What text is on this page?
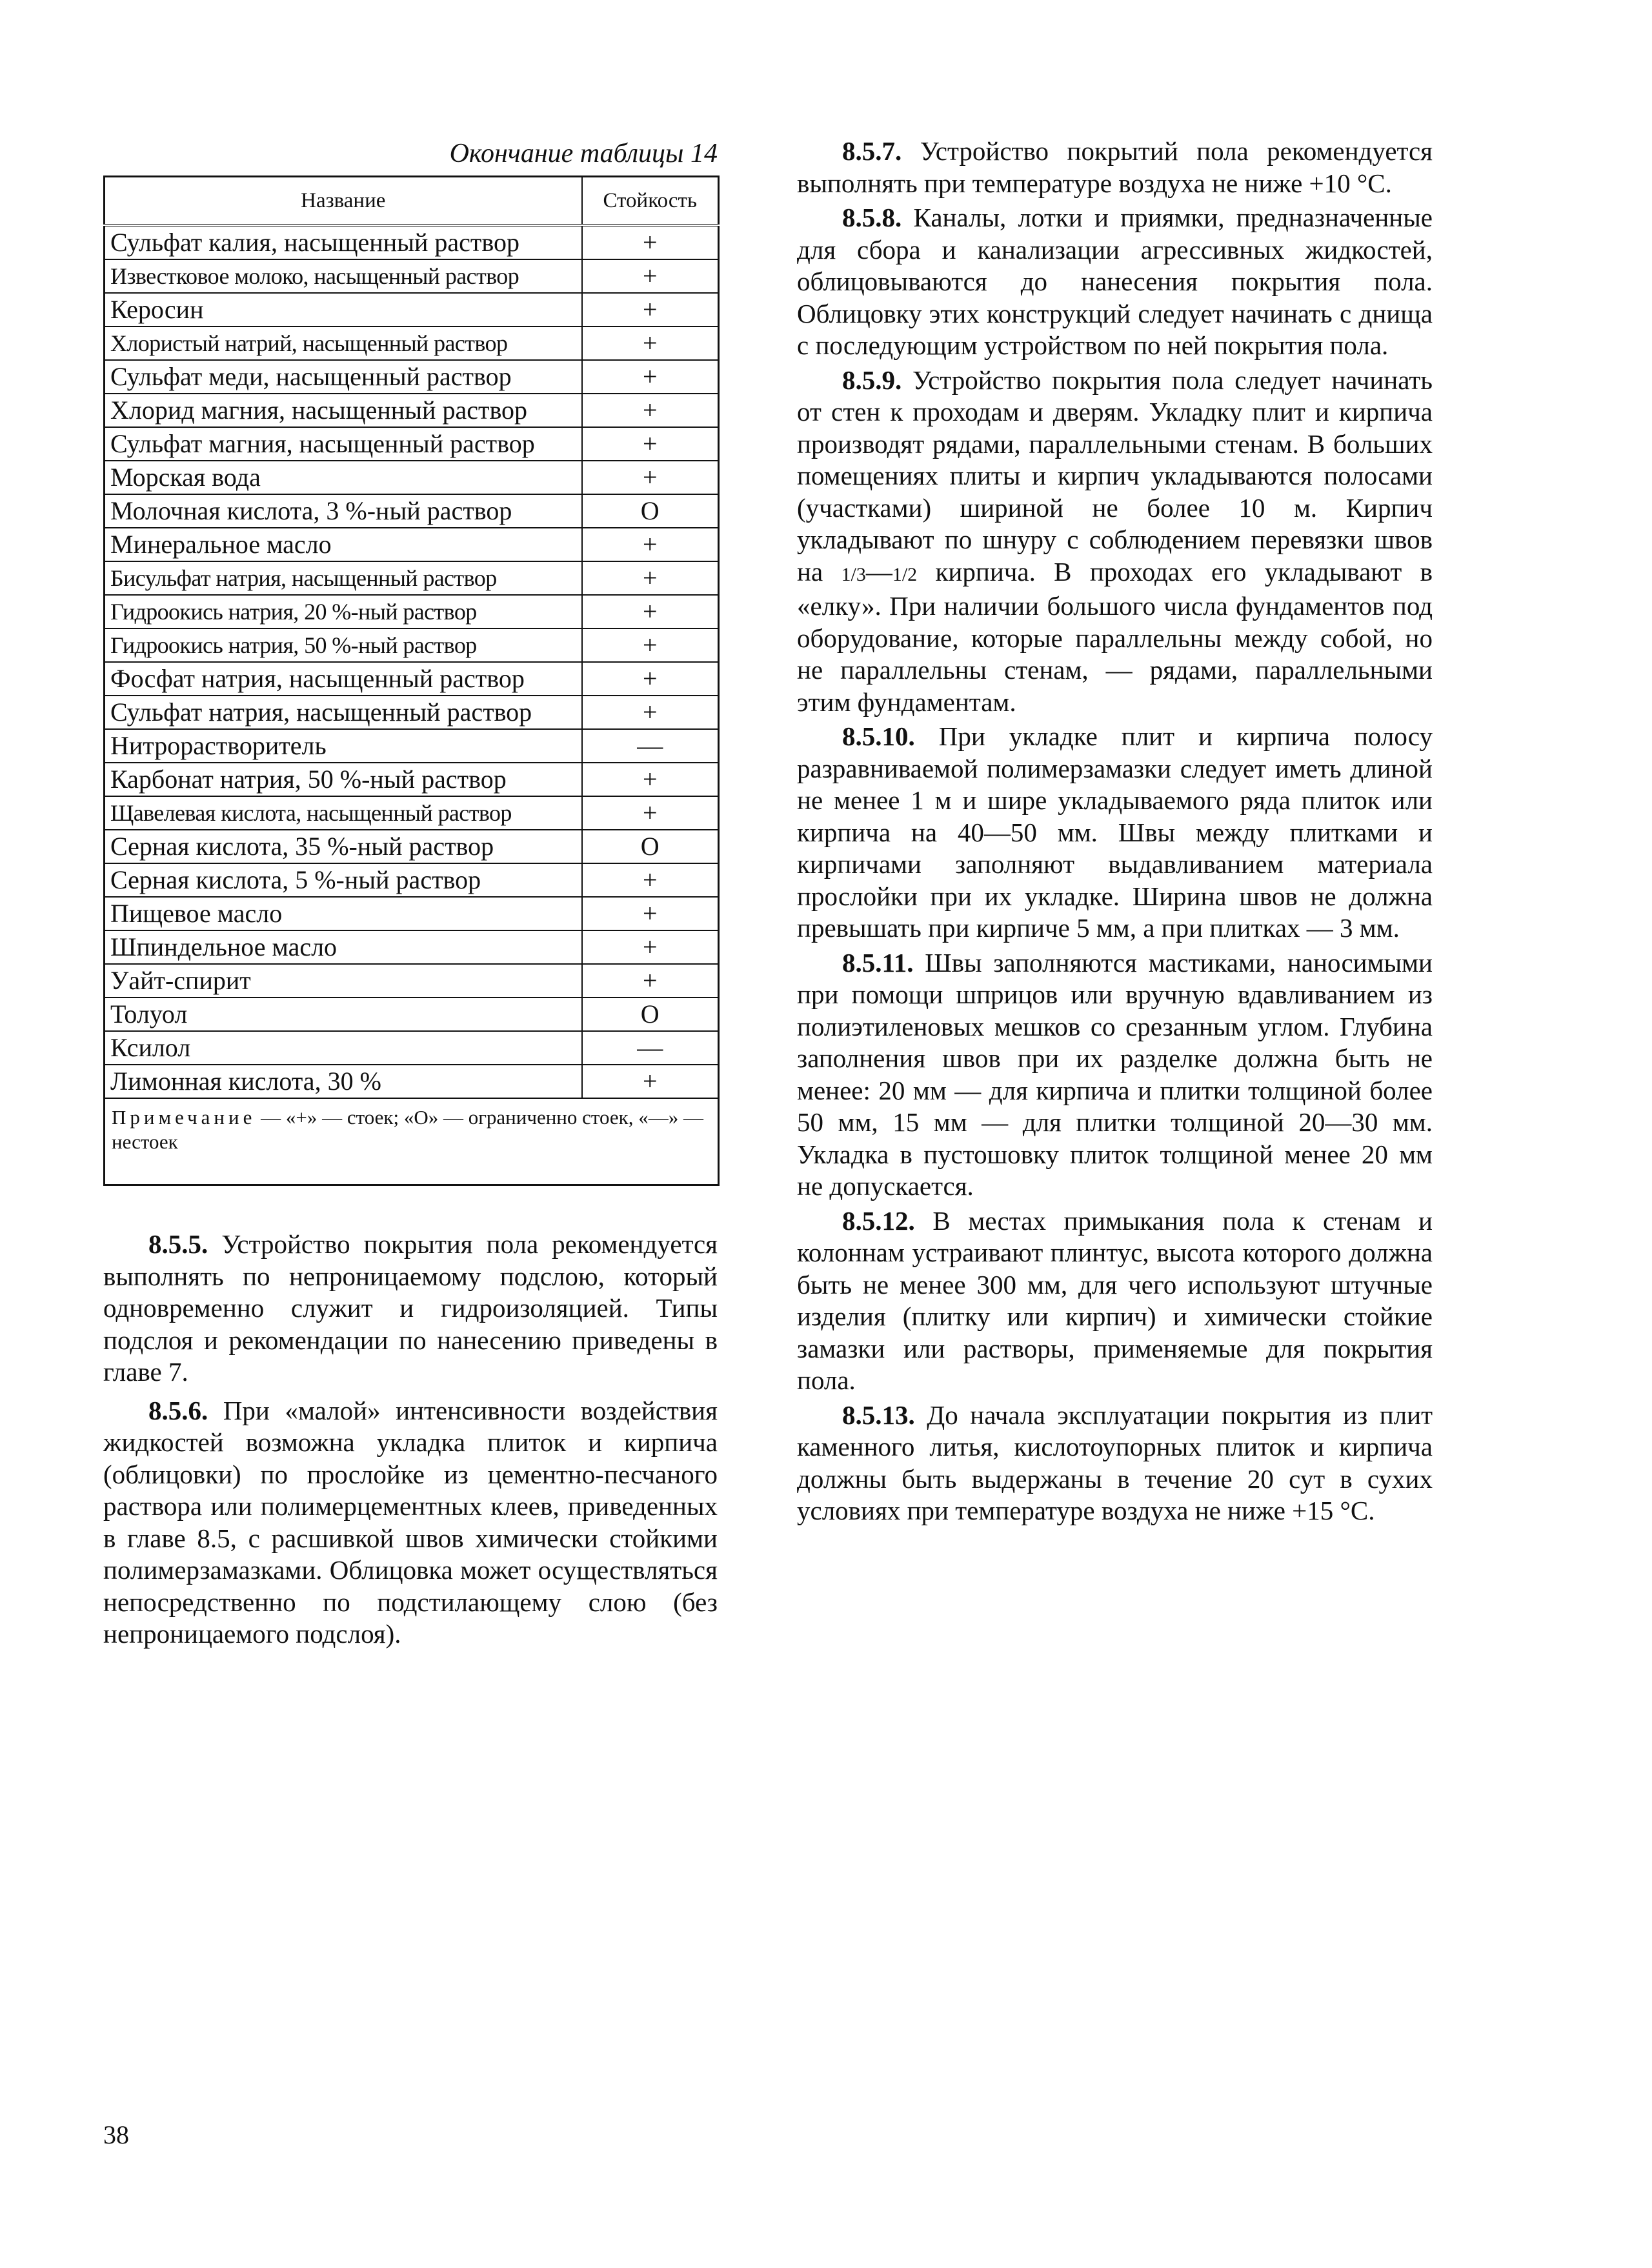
Окончание таблицы 14
Название	Стойкость
Сульфат калия, насыщенный раствор	+
Известковое молоко, насыщенный раствор	+
Керосин	+
Хлористый натрий, насыщенный раствор	+
Сульфат меди, насыщенный раствор	+
Хлорид магния, насыщенный раствор	+
Сульфат магния, насыщенный раствор	+
Морская вода	+
Молочная кислота, 3 %-ный раствор	O
Минеральное масло	+
Бисульфат натрия, насыщенный раствор	+
Гидроокись натрия, 20 %-ный раствор	+
Гидроокись натрия, 50 %-ный раствор	+
Фосфат натрия, насыщенный раствор	+
Сульфат натрия, насыщенный раствор	+
Нитрорастворитель	—
Карбонат натрия, 50 %-ный раствор	+
Щавелевая кислота, насыщенный раствор	+
Серная кислота, 35 %-ный раствор	O
Серная кислота, 5 %-ный раствор	+
Пищевое масло	+
Шпиндельное масло	+
Уайт-спирит	+
Толуол	O
Ксилол	—
Лимонная кислота, 30 %	+
Примечание — «+» — стоек; «О» — ограниченно стоек, «—» — нестоек	

8.5.5. Устройство покрытия пола рекомендуется выполнять по непроницаемому подслою, который одновременно служит и гидроизоляцией. Типы подслоя и рекомендации по нанесению приведены в главе 7.

8.5.6. При «малой» интенсивности воздействия жидкостей возможна укладка плиток и кирпича (облицовки) по прослойке из цементно-песчаного раствора или полимерцементных клеев, приведенных в главе 8.5, с расшивкой швов химически стойкими полимерзамазками. Облицовка может осуществляться непосредственно по подстилающему слою (без непроницаемого подслоя).

8.5.7. Устройство покрытий пола рекомендуется выполнять при температуре воздуха не ниже +10 °С.

8.5.8. Каналы, лотки и приямки, предназначенные для сбора и канализации агрессивных жидкостей, облицовываются до нанесения покрытия пола. Облицовку этих конструкций следует начинать с днища с последующим устройством по ней покрытия пола.

8.5.9. Устройство покрытия пола следует начинать от стен к проходам и дверям. Укладку плит и кирпича производят рядами, параллельными стенам. В больших помещениях плиты и кирпич укладываются полосами (участками) шириной не более 10 м. Кирпич укладывают по шнуру с соблюдением перевязки швов на 1/3—1/2 кирпича. В проходах его укладывают в «елку». При наличии большого числа фундаментов под оборудование, которые параллельны между собой, но не параллельны стенам, — рядами, параллельными этим фундаментам.

8.5.10. При укладке плит и кирпича полосу разравниваемой полимерзамазки следует иметь длиной не менее 1 м и шире укладываемого ряда плиток или кирпича на 40—50 мм. Швы между плитками и кирпичами заполняют выдавливанием материала прослойки при их укладке. Ширина швов не должна превышать при кирпиче 5 мм, а при плитках — 3 мм.

8.5.11. Швы заполняются мастиками, наносимыми при помощи шприцов или вручную вдавливанием из полиэтиленовых мешков со срезанным углом. Глубина заполнения швов при их разделке должна быть не менее: 20 мм — для кирпича и плитки толщиной более 50 мм, 15 мм — для плитки толщиной 20—30 мм. Укладка в пустошовку плиток толщиной менее 20 мм не допускается.

8.5.12. В местах примыкания пола к стенам и колоннам устраивают плинтус, высота которого должна быть не менее 300 мм, для чего используют штучные изделия (плитку или кирпич) и химически стойкие замазки или растворы, применяемые для покрытия пола.

8.5.13. До начала эксплуатации покрытия из плит каменного литья, кислотоупорных плиток и кирпича должны быть выдержаны в течение 20 сут в сухих условиях при температуре воздуха не ниже +15 °С.

38
